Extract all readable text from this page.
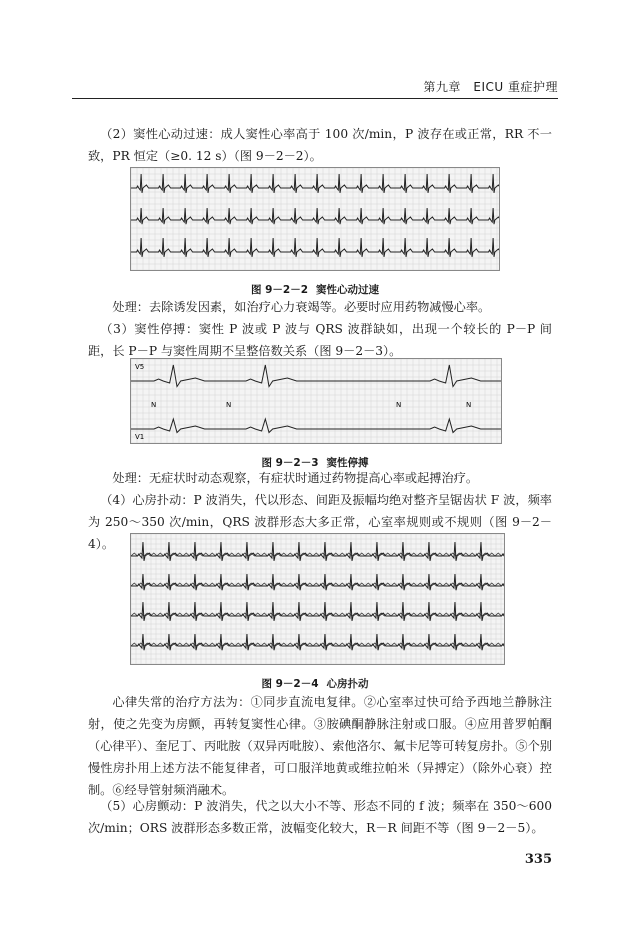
第九章　EICU 重症护理
（2）窦性心动过速：成人窦性心率高于 100 次/min，P 波存在或正常，RR 不一致，PR 恒定（≥0. 12 s）（图 9－2－2）。
图 9－2－2 窦性心动过速
处理：去除诱发因素，如治疗心力衰竭等。必要时应用药物减慢心率。
（3）窦性停搏：窦性 P 波或 P 波与 QRS 波群缺如，出现一个较长的 P－P 间距，长 P－P 与窦性周期不呈整倍数关系（图 9－2－3）。
V5
V1
N	N	N	N
图 9－2－3 窦性停搏
处理：无症状时动态观察，有症状时通过药物提高心率或起搏治疗。
（4）心房扑动：P 波消失，代以形态、间距及振幅均绝对整齐呈锯齿状 F 波，频率为 250～350 次/min，QRS 波群形态大多正常，心室率规则或不规则（图 9－2－4）。
图 9－2－4 心房扑动
心律失常的治疗方法为：①同步直流电复律。②心室率过快可给予西地兰静脉注射，使之先变为房颤，再转复窦性心律。③胺碘酮静脉注射或口服。④应用普罗帕酮（心律平）、奎尼丁、丙吡胺（双异丙吡胺）、索他洛尔、氟卡尼等可转复房扑。⑤个别慢性房扑用上述方法不能复律者，可口服洋地黄或维拉帕米（异搏定）（除外心衰）控制。⑥经导管射频消融术。
（5）心房颤动：P 波消失，代之以大小不等、形态不同的 f 波；频率在 350～600 次/min；ORS 波群形态多数正常，波幅变化较大，R－R 间距不等（图 9－2－5）。
335
